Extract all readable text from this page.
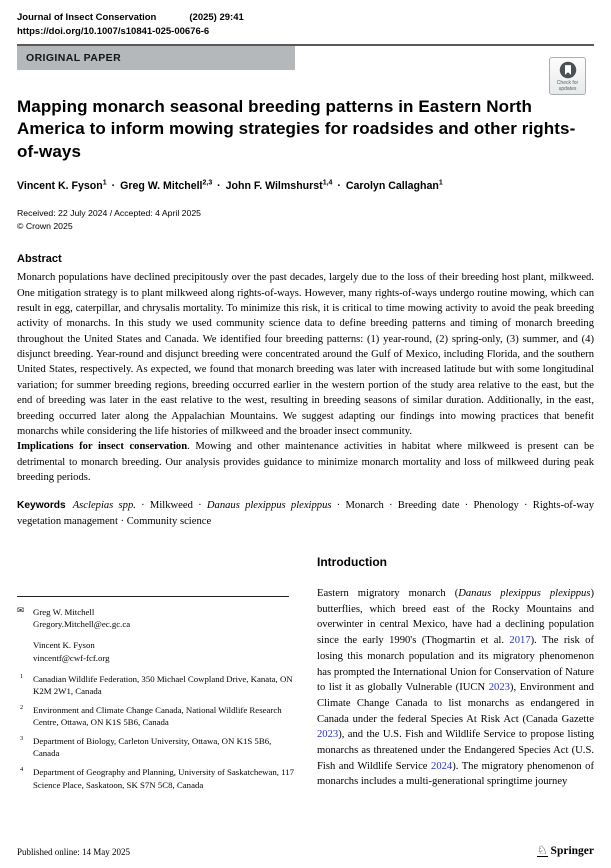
Journal of Insect Conservation	(2025) 29:41
https://doi.org/10.1007/s10841-025-00676-6
ORIGINAL PAPER
Check for
updates
Mapping monarch seasonal breeding patterns in Eastern North America to inform mowing strategies for roadsides and other rights-of-ways
Vincent K. Fyson$^1$ · Greg W. Mitchell$^{2,3}$ · John F. Wilmshurst$^{1,4}$ · Carolyn Callaghan$^1$
Received: 22 July 2024 / Accepted: 4 April 2025
© Crown 2025
Abstract

Monarch populations have declined precipitously over the past decades, largely due to the loss of their breeding host plant, milkweed. One mitigation strategy is to plant milkweed along rights-of-ways. However, many rights-of-ways undergo routine mowing, which can result in egg, caterpillar, and chrysalis mortality. To minimize this risk, it is critical to time mowing activity to avoid the peak breeding activity of monarchs. In this study we used community science data to define breeding patterns and timing of monarch breeding throughout the United States and Canada. We identified four breeding patterns: (1) year-round, (2) spring-only, (3) summer, and (4) disjunct breeding. Year-round and disjunct breeding were concentrated around the Gulf of Mexico, including Florida, and the southern United States, respectively. As expected, we found that monarch breeding was later with increased latitude but with some longitudinal variation; for summer breeding regions, breeding occurred earlier in the western portion of the study area relative to the east, but the end of breeding was later in the east relative to the west, resulting in breeding seasons of similar duration. Additionally, in the east, breeding occurred later along the Appalachian Mountains. We suggest adapting our findings into mowing practices that benefit monarchs while considering the life histories of milkweed and the broader insect community.

Implications for insect conservation. Mowing and other maintenance activities in habitat where milkweed is present can be detrimental to monarch breeding. Our analysis provides guidance to minimize monarch mortality and loss of milkweed during peak breeding periods.

Keywords Asclepias spp. · Milkweed · Danaus plexippus plexippus · Monarch · Breeding date · Phenology · Rights-of-way vegetation management · Community science

✉	Greg W. Mitchell
Gregory.Mitchell@ec.gc.ca
Vincent K. Fyson
vincentf@cwf-fcf.org
1	Canadian Wildlife Federation, 350 Michael Cowpland Drive, Kanata, ON K2M 2W1, Canada
2	Environment and Climate Change Canada, National Wildlife Research Centre, Ottawa, ON K1S 5B6, Canada
3	Department of Biology, Carleton University, Ottawa, ON K1S 5B6, Canada
4	Department of Geography and Planning, University of Saskatchewan, 117 Science Place, Saskatoon, SK S7N 5C8, Canada
Introduction

Eastern migratory monarch (Danaus plexippus plexippus) butterflies, which breed east of the Rocky Mountains and overwinter in central Mexico, have had a declining population since the early 1990's (Thogmartin et al. 2017). The risk of losing this monarch population and its migratory phenomenon has prompted the International Union for Conservation of Nature to list it as globally Vulnerable (IUCN 2023), Environment and Climate Change Canada to list monarchs as endangered in Canada under the federal Species At Risk Act (Canada Gazette 2023), and the U.S. Fish and Wildlife Service to propose listing monarchs as threatened under the Endangered Species Act (U.S. Fish and Wildlife Service 2024). The migratory phenomenon of monarchs includes a multi-generational springtime journey

Published online: 14 May 2025	♘ Springer
